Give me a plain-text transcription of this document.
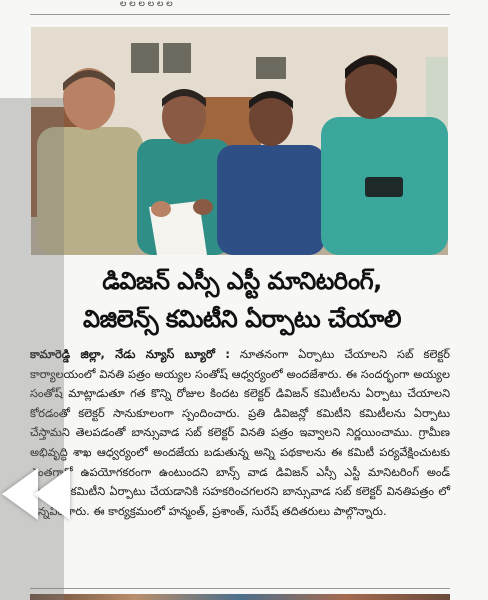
ల ల ల ల ల ల
డివిజన్ ఎస్సీ ఎస్టీ మానిటరింగ్,
విజిలెన్స్ కమిటీని ఏర్పాటు చేయాలి
కామారెడ్డి జిల్లా, నేడు న్యూస్ బ్యూరో : నూతనంగా ఏర్పాటు చేయాలని సబ్ కలెక్టర్ కార్యాలయంలో వినతి పత్రం అయ్యల సంతోష్ ఆధ్వర్యంలో అందజేశారు. ఈ సందర్భంగా అయ్యల సంతోష్ మాట్లాడుతూ గత కొన్ని రోజుల కిందట కలెక్టర్ డివిజన్ కమిటీలను ఏర్పాటు చేయాలని కోరడంతో కలెక్టర్ సానుకూలంగా స్పందించారు. ప్రతి డివిజన్లో కమిటీని కమిటీలను ఏర్పాటు చేస్తామని తెలపడంతో బాన్సువాడ సబ్ కలెక్టర్ వినతి పత్రం ఇవ్వాలని నిర్ణయించాము. గ్రామీణ అభివృద్ధి శాఖ ఆధ్వర్యంలో అందజేయ బడుతున్న అన్ని పథకాలను ఈ కమిటీ పర్యవేక్షించుటకు ఎంతగానో ఉపయోగకరంగా ఉంటుందని బాన్స్ వాడ డివిజన్ ఎస్సీ ఎస్టీ మానిటరింగ్ అండ్ విజిలెన్స్ కమిటీని ఏర్పాటు చేయడానికి సహకరించగలరని బాన్సువాడ సబ్ కలెక్టర్ వినతిపత్రం లో విన్నవించారు. ఈ కార్యక్రమంలో హన్మంత్, ప్రశాంత్, సురేష్ తదితరులు పాల్గొన్నారు.
